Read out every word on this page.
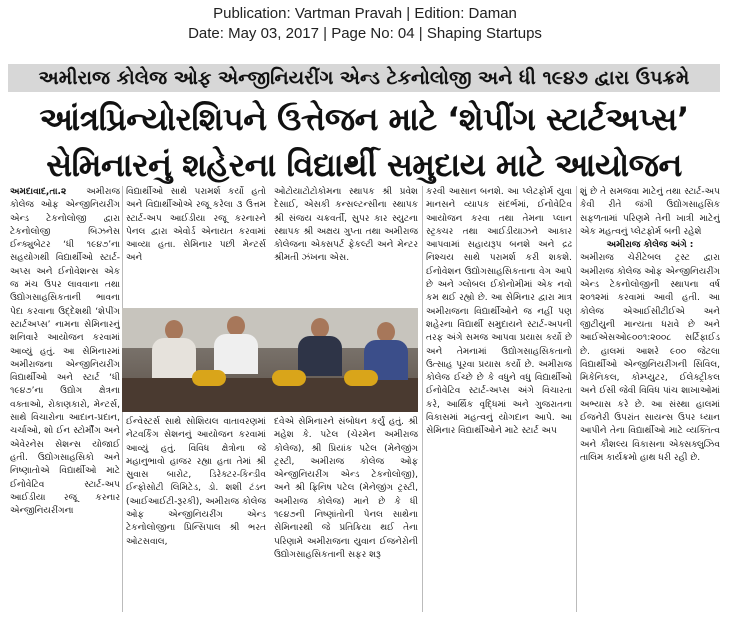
Publication: Vartman Pravah | Edition: Daman
Date: May 03, 2017 | Page No: 04 | Shaping Startups
અમીરાજ કોલેજ ઓફ એન્જીનિયરીંગ એન્ડ ટેકનોલોજી અને ધી ૧૯૪૭ દ્વારા ઉપક્રમે
આંત્રપ્રિન્યોરશિપને ઉત્તેજન માટે ‘શેપીંગ સ્ટાર્ટઅપ્સ’
સેમિનારનું શહેરના વિદ્યાર્થી સમુદાય માટે આયોજન
અમદાવાદ,તા.૨ અમીરાજ કોલેજ ઓફ એન્જીનિયરીંગ એન્ડ ટેકનોલોજી દ્વારા ટેકનોલોજી બિઝનેસ ઈન્ક્યુબેટર ‘ધી ૧૯૪૭’ના સહયોગથી વિદ્યાર્થીઓ સ્ટાર્ટ-અપ્સ અને ઈનોવેશન્સ એક જ મંચ ઉપર લાવવાના તથા ઉદ્યોગસાહસિકતાની ભાવના પેદા કરવાના ઉદ્દેશથી ‘શેપીંગ સ્ટાર્ટઅપ્સ’ નામના સેમિનારનું શનિવારે આયોજન કરવામાં આવ્યું હતું. આ સેમિનારમાં અમીરાજના એન્જીનિયરીંગ વિદ્યાર્થીઓ અને સ્ટાર્ટ ‘ધી ૧૯૪૭’ના ઉદ્યોગ ક્ષેત્રના વક્તાઓ, રોકાણકારો, મેન્ટર્સ, સાથે વિચારોના આદાન-પ્રદાન, ચર્ચાઓ, શો ઈન સ્ટોર્મીંગ અને એવેરનેસ સેશન્સ યોજાઈ હતી. ઉદ્યોગસાહસિકો અને નિષ્ણાતોએ વિદ્યાર્થીઓ માટે ઈનોવેટિવ સ્ટાર્ટ-અપ આઈડીયા રજૂ કરનાર એન્જીનિયરીંગના
વિદ્યાર્થીઓ સાથે પરામર્શ કર્યો હતો અને વિદ્યાર્થીઓએ રજૂ કરેલા ૩ ઉત્તમ સ્ટાર્ટ-અપ આઈડીયા રજૂ કરનારને પેનલ દ્વારા એવોર્ડ એનાયત કરવામાં આવ્યા હતા. સેમિનાર પછી મેન્ટર્સ અને
ઓટોયાટોટોકોમના સ્થાપક શ્રી પ્રવેશ દેસાઈ, એસકી કન્સલ્ટન્સીના સ્થાપક શ્રી સંજય ચક્રવર્તી, સુપર કાર સ્યુટના સ્થાપક શ્રી અક્ષય ગુપ્તા તથા અમીરાજ કોલેજના એક્સપર્ટ ફેકલ્ટી અને મેન્ટર શ્રીમતી ઝંખના એસ.
ઈન્વેસ્ટર્સ સાથે સોશિયલ વાતાવરણમાં નેટવર્કિંગ સેશનનું આયોજન કરવામાં આવ્યું હતું. વિવિધ ક્ષેત્રોના જે મહાનુભાવો હાજર રહ્યા હતા તેમાં શ્રી સુવાસ બારોટ, ડિરેક્ટર-કિન્ડીવ ઈન્ફોસોટી લિમિટેડ, ડો. શશી ટંડન (આઈઆઈટી-રૂરકી), અમીરાજ કોલેજ ઓફ એન્જીનિયરીંગ એન્ડ ટેકનોલોજીના પ્રિન્સિપાલ શ્રી ભરત ઓટસવાલ,
દવેએ સેમિનારને સંબોધન કર્યું હતું. શ્રી મહેશ કે. પટેલ (ચેરમેન અમીરાજ કોલેજ), શ્રી પ્રિયાંક પટેલ (મેનેજીંગ ટ્રસ્ટી, અમીરાજ કોલેજ ઓફ એન્જીનિયરીંગ એન્ડ ટેકનોલોજી), અને શ્રી ફ્રિનિષ પટેલ (મેનેજીંગ ટ્રસ્ટી, અમીરાજ કોલેજ) માને છે કે ધી ૧૯૪૭ની નિષ્ણાંતોની પેનલ સાથેના સેમિનારથી જે પ્રતિક્રિયા થઈ તેના પરિણામે અમીરાજના યુવાન ઈજનેરોની ઉદ્યોગસાહસિકતાની સફર શરૂ
કરવી આસાન બનશે. આ પ્લેટફોર્મ યુવા માનસને વ્યાપક સંદર્ભમાં, ઈનોવેટિવ આયોજન કરવા તથા તેમના પ્લાન સ્ટ્રક્ચર તથા આઈડીયાઝને આકાર આપવામાં સહાયરૂપ બનશે અને દ્રઢ નિશ્ચય સાથે પરામર્શ કરી શકશે. ઈનોવેશન ઉદ્યોગસાહસિકતાના વેગ આપે છે અને ગ્લોબલ ઈકોનોમીમાં એક નવો કમ થઈ રહ્યો છે. આ સેમિનાર દ્વારા માત્ર અમીરાજના વિદ્યાર્થીઓને જ નહીં પણ શહેરના વિદ્યાર્થી સમુદાયને સ્ટાર્ટ-અપની તરફ અંગે સમજ આપવા પ્રયાસ કર્યો છે અને તેમનામાં ઉદ્યોગસાહસિકતાનો ઉત્સાહ પૂરવા પ્રયાસ કર્યો છે. અમીરાજ કોલેજ ઈચ્છે છે કે વધુને વધુ વિદ્યાર્થીઓ ઈનોવેટિવ સ્ટાર્ટ-અપ્સ અંગે વિચારતા કરે, આર્થિક વૃદ્ધિમાં અને ગુજરાતના વિકાસમાં મહત્વનું યોગદાન આપે. આ સેમિનાર વિદ્યાર્થીઓને માટે સ્ટાર્ટ અપ
શું છે તે સમજવા માટેનું તથા સ્ટાર્ટ-અપ કેવી રીતે જંગી ઉદ્યોગસાહસિક સફળતામાં પરિણમે તેની ખાત્રી માટેનું એક મહત્વનું પ્લેટફોર્મ બની રહેશે
અમીરાજ કોલેજ અંગે :
અમીરાજ ચેરીટેબલ ટ્રસ્ટ દ્વારા અમીરાજ કોલેજ ઓફ એન્જીનિયરીંગ એન્ડ ટેકનોલોજીની સ્થાપના વર્ષ ૨૦૧૨માં કરવામાં આવી હતી. આ કોલેજ એઆઈસીટીઈએ અને જીટીયુની માન્યતા ધરાવે છે અને આઈએસઓ૯૦૦૧:૨૦૦૮ સર્ટિફાઈડ છે. હાલમાં આશરે ૯૦૦ જેટલા વિદ્યાર્થીઓ એન્જીનિયરીંગની સિવિલ, મિકેનિકલ, કોમ્પ્યુટર, ઈલેક્ટ્રીકલ અને ઈસી જેવી વિવિધ પાંચ શાખાઓમાં અભ્યાસ કરે છે. આ સંસ્થા હાલમાં ઈજનેરી ઉપરાંત સાયન્સ ઉપર ધ્યાન આપીને તેના વિદ્યાર્થીઓ માટે વ્યક્તિત્વ અને કૌશલ્ય વિકાસના એક્સક્લુઝિવ તાલિમ કાર્યક્રમો હાથ ધરી રહી છે.
